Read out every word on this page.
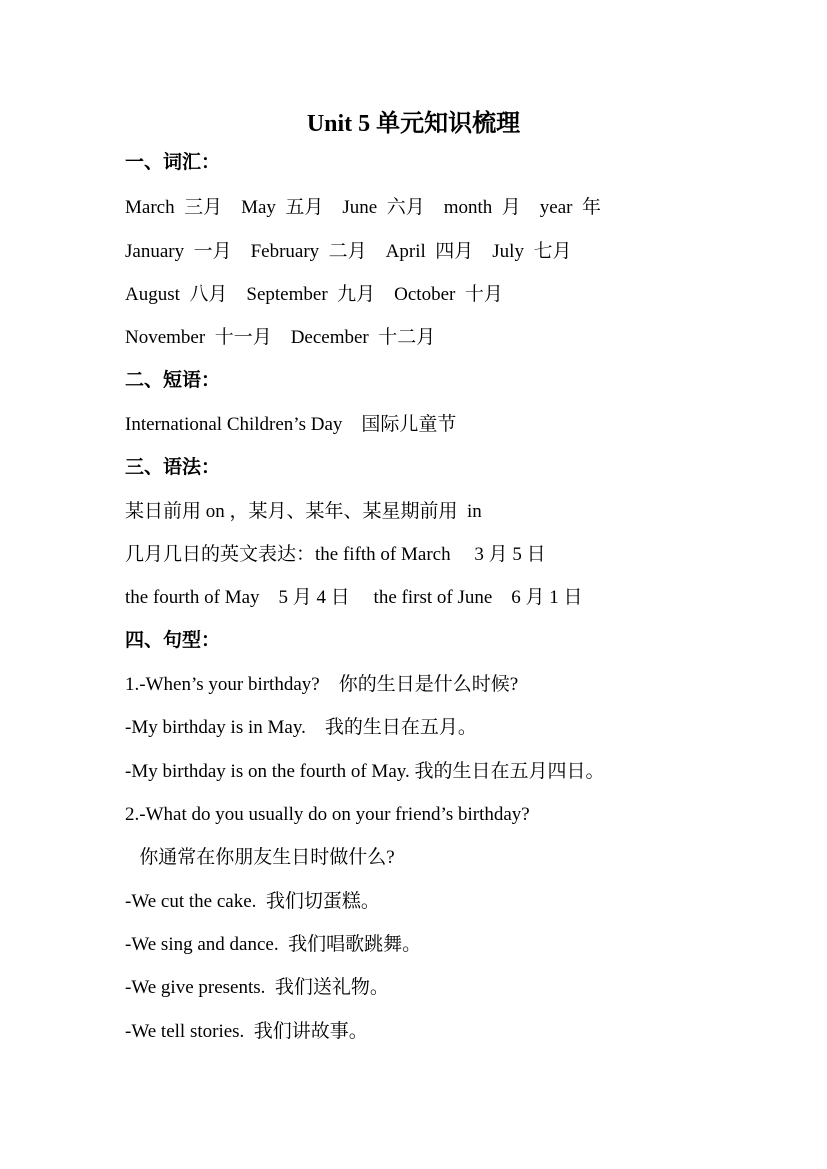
Unit 5 单元知识梳理
一、词汇：
March  三月    May  五月    June  六月    month  月    year  年
January  一月    February  二月    April  四月    July  七月
August  八月    September  九月    October  十月
November  十一月    December  十二月
二、短语：
International Children’s Day    国际儿童节
三、语法：
某日前用 on ，某月、某年、某星期前用  in
几月几日的英文表达：the fifth of March     3 月 5 日
the fourth of May    5 月 4 日     the first of June    6 月 1 日
四、句型：
1.-When’s your birthday?    你的生日是什么时候?
-My birthday is in May.    我的生日在五月。
-My birthday is on the fourth of May. 我的生日在五月四日。
2.-What do you usually do on your friend’s birthday?
你通常在你朋友生日时做什么?
-We cut the cake.  我们切蛋糕。
-We sing and dance.  我们唱歌跳舞。
-We give presents.  我们送礼物。
-We tell stories.  我们讲故事。
